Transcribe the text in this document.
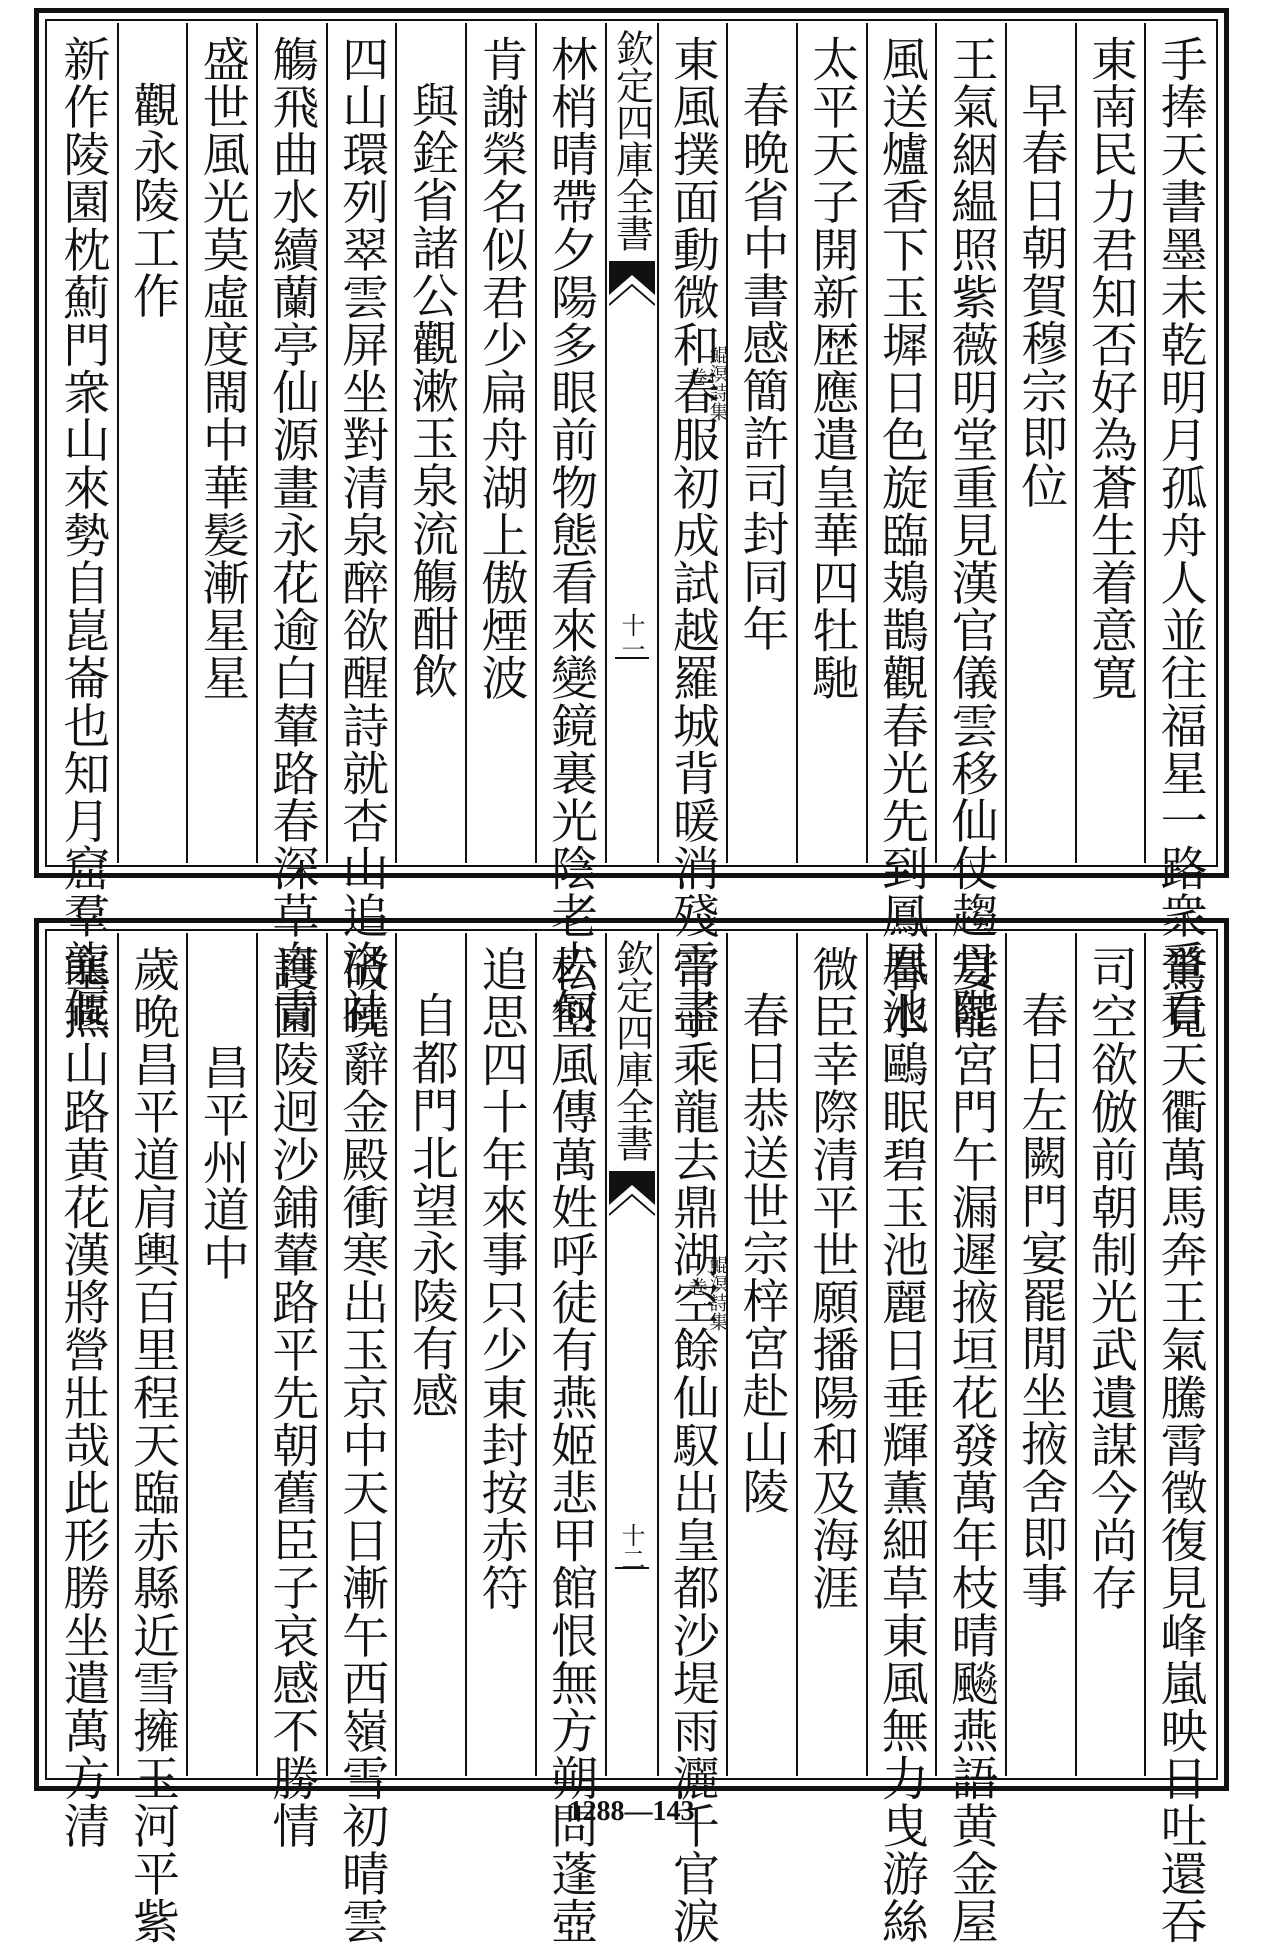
手捧天書墨未乾明月孤舟人並往福星一路衆爭看
東南民力君知否好為蒼生着意寛
早春日朝賀穆宗即位
王氣絪緼照紫薇明堂重見漢官儀雲移仙仗趨丹陛
風送爐香下玉墀日色旋臨鳷鵲觀春光先到鳳凰池
太平天子開新歴應遣皇華四牡馳
春晩省中書感簡許司封同年
東風撲面動微和春服初成試越羅城背暖消殘雪盡
欽定四庫全書
鯤溟詩集
卷一
十一
林梢晴帶夕陽多眼前物態看來變鏡裏光陰老去何
肯謝榮名似君少扁舟湖上傲煙波
與銓省諸公觀漱玉泉流觴酣飲
四山環列翠雲屏坐對清泉醉欲醒詩就杏山追洛社
觴飛曲水續蘭亭仙源畫永花逾白輦路春深草自青
盛世風光莫虛度閙中華髪漸星星
觀永陵工作
新作陵園枕薊門衆山來勢自崑崙也知月窟羣龍偃
鶩見天衢萬馬奔王氣騰霄徵復見峰嵐映日吐還吞
司空欲倣前朝制光武遺謀今尚存
春日左闕門宴罷閒坐掖舍即事
宴罷宮門午漏遲掖垣花發萬年枝晴飈燕語黄金屋
春水鷗眠碧玉池麗日垂輝薫細草東風無力曳游絲
微臣幸際清平世願播陽和及海涯
春日恭送世宗梓宮赴山陵
帝子乘龍去鼎湖空餘仙馭出皇都沙堤雨灑千官淚
欽定四庫全書
鯤溟詩集
卷一
十二
松壑風傳萬姓呼徒有燕姬悲甲館恨無方朔問蓬壺
追思四十年來事只少東封按赤符
自都門北望永陵有感
破曉辭金殿衝寒出玉京中天日漸午西嶺雪初晴雲
護園陵迥沙鋪輦路平先朝舊臣子哀感不勝情
昌平州道中
歲晩昌平道肩輿百里程天臨赤縣近雪擁玉河平紫
塞燕山路黄花漢將營壯哉此形勝坐遣萬方清	1288—143
